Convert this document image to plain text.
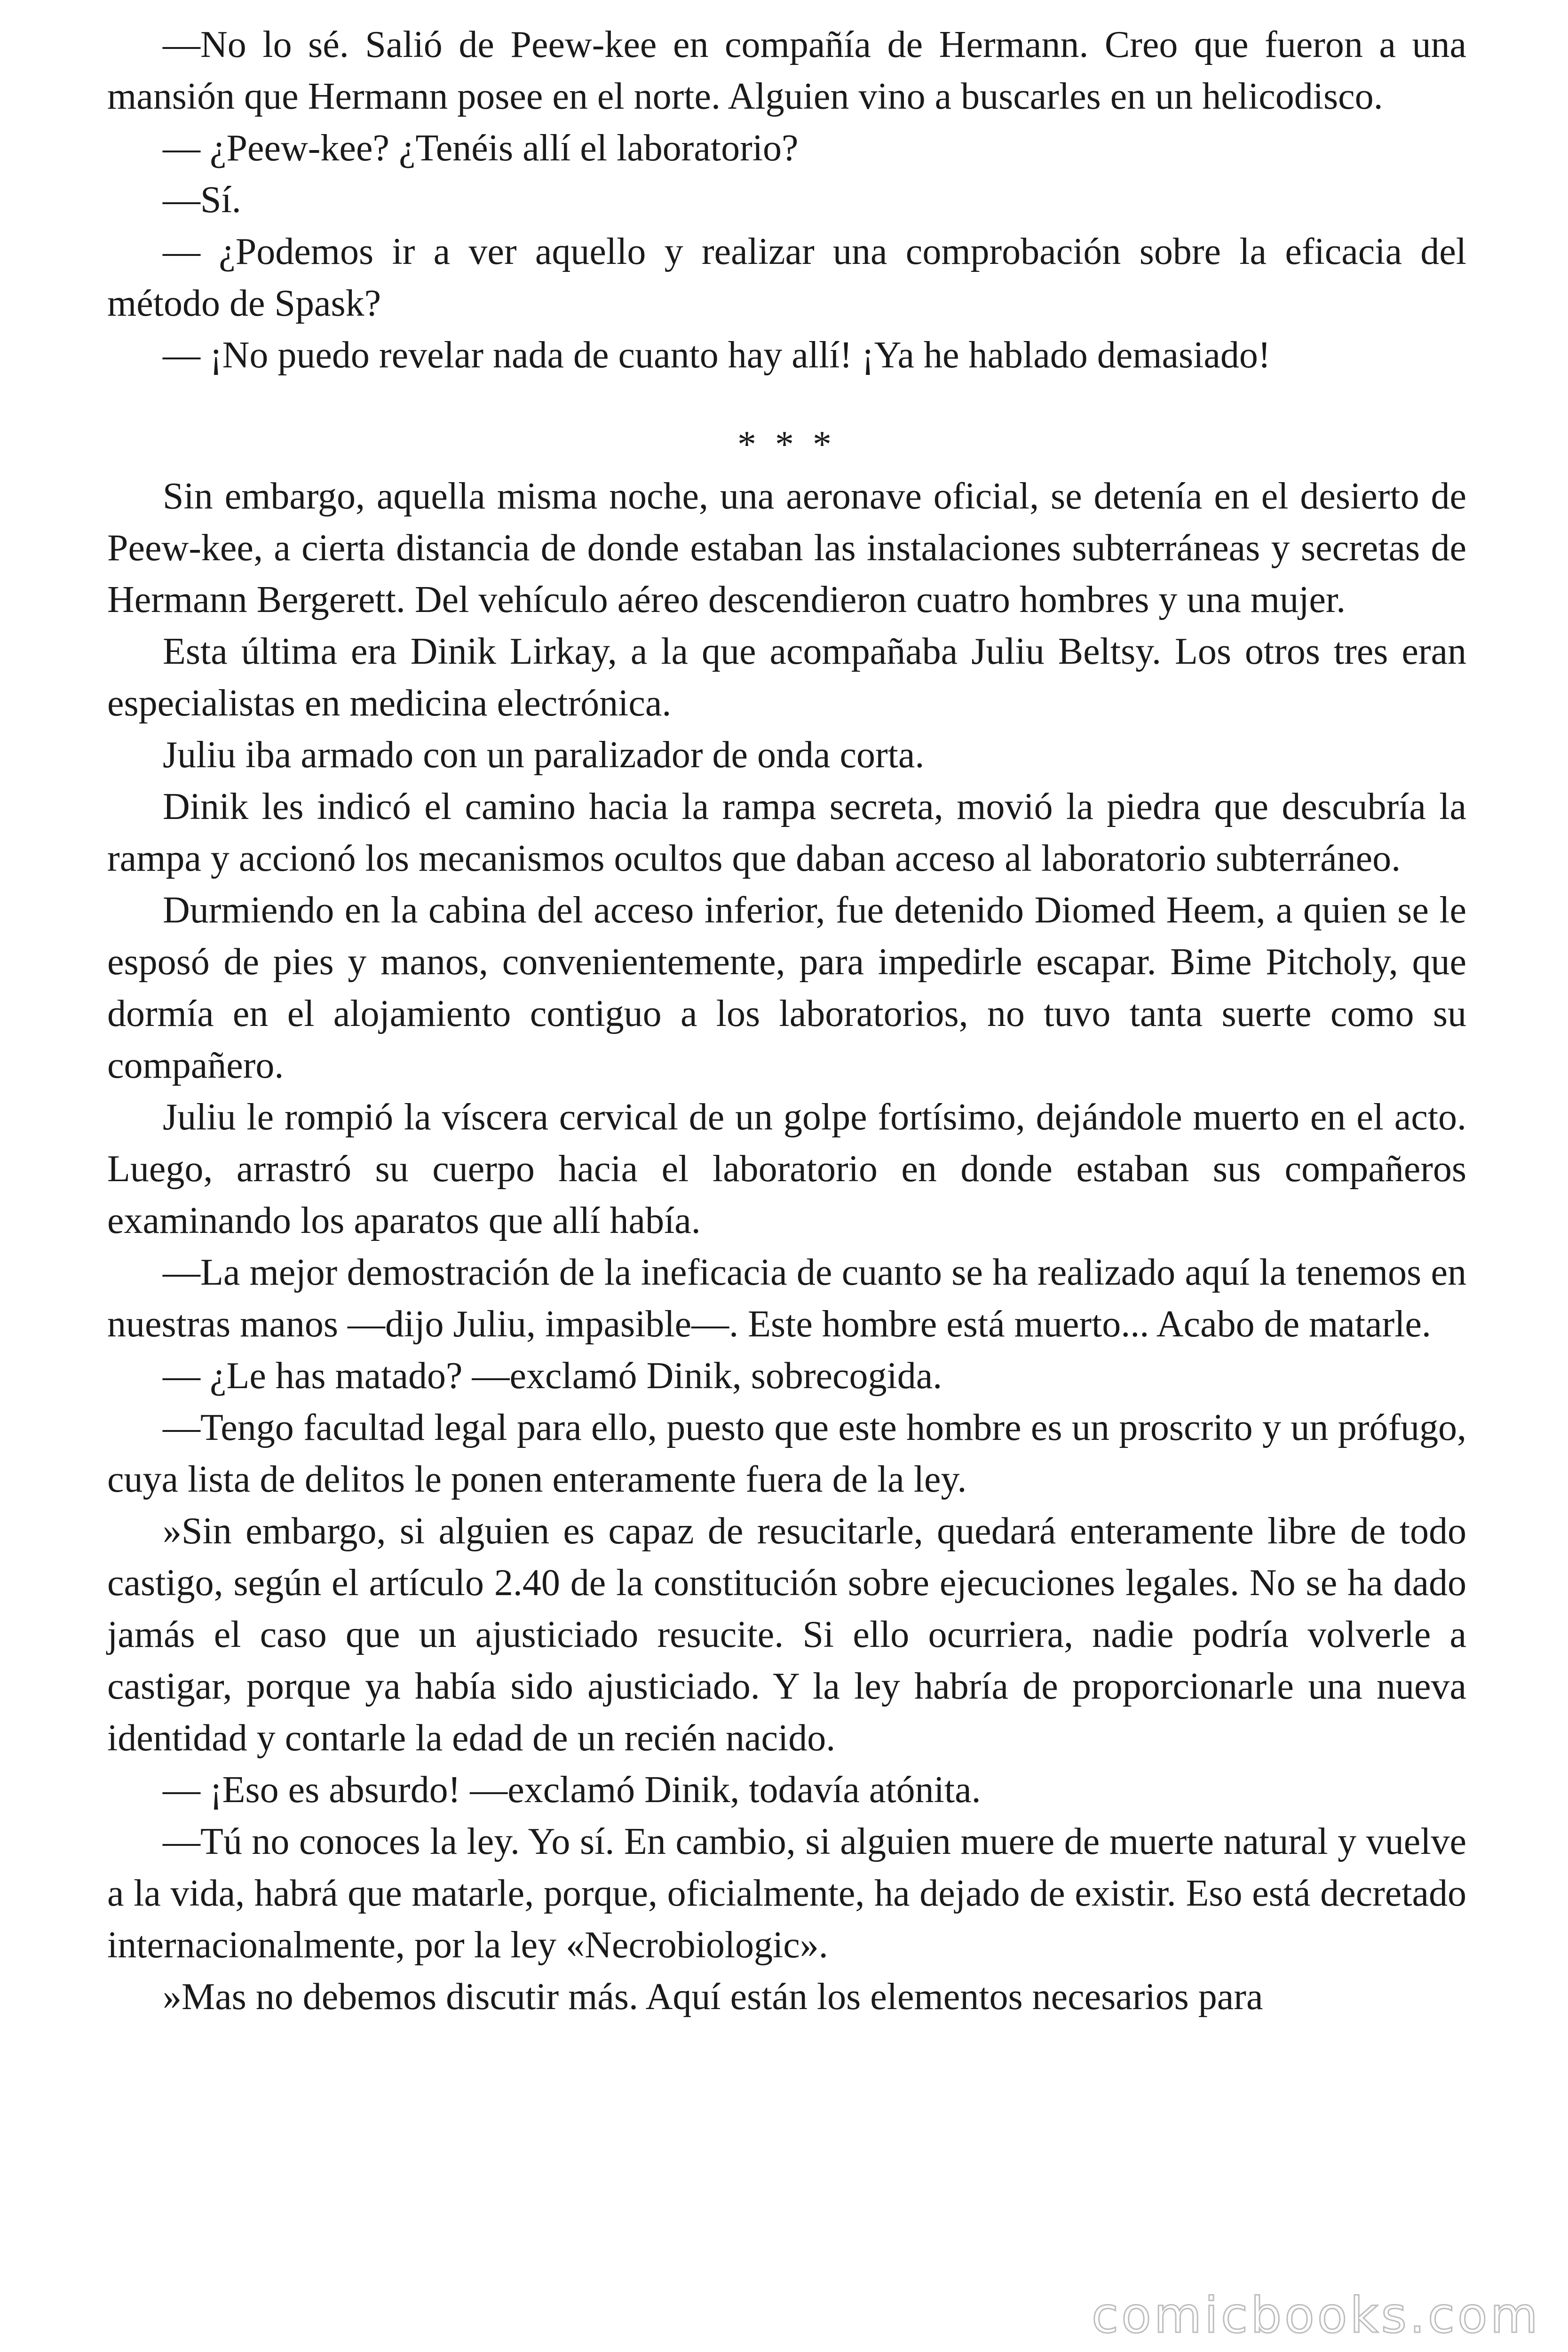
—No lo sé. Salió de Peew-kee en compañía de Hermann. Creo que fueron a una mansión que Hermann posee en el norte. Alguien vino a buscarles en un helicodisco.

— ¿Peew-kee? ¿Tenéis allí el laboratorio?

—Sí.

— ¿Podemos ir a ver aquello y realizar una comprobación sobre la eficacia del método de Spask?

— ¡No puedo revelar nada de cuanto hay allí! ¡Ya he hablado demasiado!

* * *

Sin embargo, aquella misma noche, una aeronave oficial, se detenía en el desierto de Peew-kee, a cierta distancia de donde estaban las instalaciones subterráneas y secretas de Hermann Bergerett. Del vehículo aéreo descendieron cuatro hombres y una mujer.

Esta última era Dinik Lirkay, a la que acompañaba Juliu Beltsy. Los otros tres eran especialistas en medicina electrónica.

Juliu iba armado con un paralizador de onda corta.

Dinik les indicó el camino hacia la rampa secreta, movió la piedra que descubría la rampa y accionó los mecanismos ocultos que daban acceso al laboratorio subterráneo.

Durmiendo en la cabina del acceso inferior, fue detenido Diomed Heem, a quien se le esposó de pies y manos, convenientemente, para impedirle escapar. Bime Pitcholy, que dormía en el alojamiento contiguo a los laboratorios, no tuvo tanta suerte como su compañero.

Juliu le rompió la víscera cervical de un golpe fortísimo, dejándole muerto en el acto. Luego, arrastró su cuerpo hacia el laboratorio en donde estaban sus compañeros examinando los aparatos que allí había.

—La mejor demostración de la ineficacia de cuanto se ha realizado aquí la tenemos en nuestras manos —dijo Juliu, impasible—. Este hombre está muerto... Acabo de matarle.

— ¿Le has matado? —exclamó Dinik, sobrecogida.

—Tengo facultad legal para ello, puesto que este hombre es un proscrito y un prófugo, cuya lista de delitos le ponen enteramente fuera de la ley.

»Sin embargo, si alguien es capaz de resucitarle, quedará enteramente libre de todo castigo, según el artículo 2.40 de la constitución sobre ejecuciones legales. No se ha dado jamás el caso que un ajusticiado resucite. Si ello ocurriera, nadie podría volverle a castigar, porque ya había sido ajusticiado. Y la ley habría de proporcionarle una nueva identidad y contarle la edad de un recién nacido.

— ¡Eso es absurdo! —exclamó Dinik, todavía atónita.

—Tú no conoces la ley. Yo sí. En cambio, si alguien muere de muerte natural y vuelve a la vida, habrá que matarle, porque, oficialmente, ha dejado de existir. Eso está decretado internacionalmente, por la ley «Necrobiologic».

»Mas no debemos discutir más. Aquí están los elementos necesarios para

comicbooks.com
